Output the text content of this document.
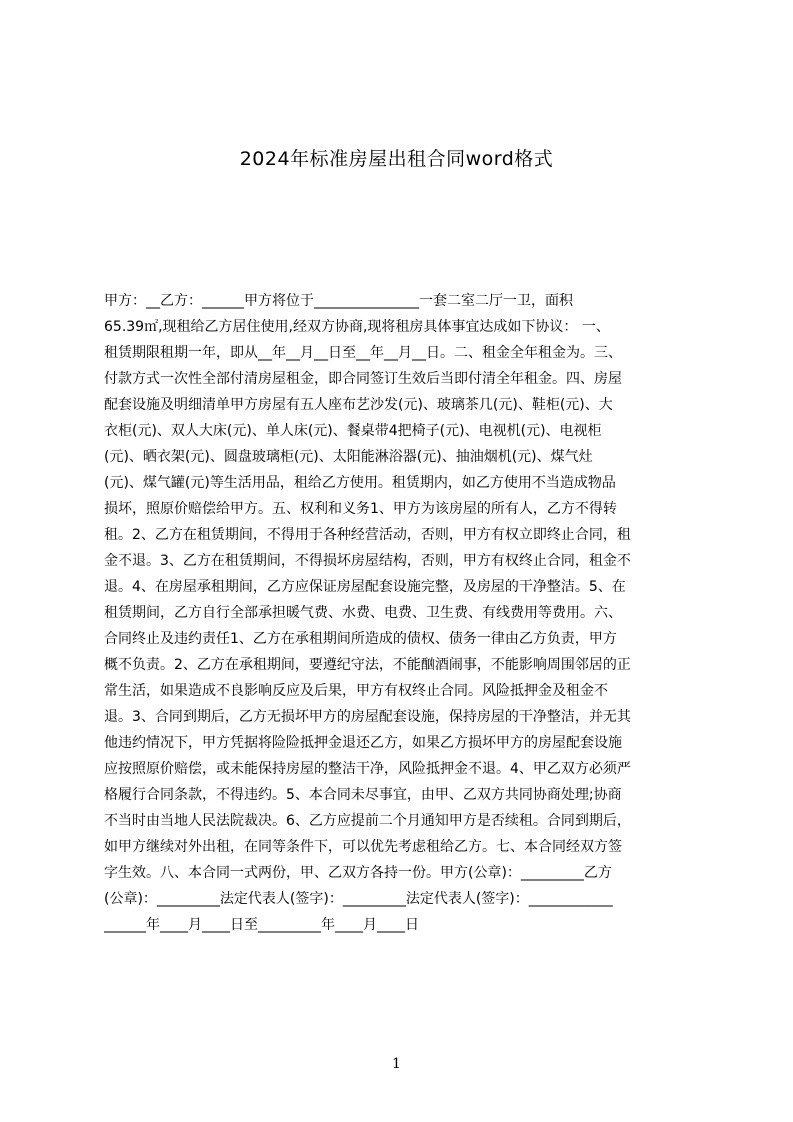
2024年标准房屋出租合同word格式
甲方：__乙方：______甲方将位于_______________一套二室二厅一卫，面积
65.39㎡,现租给乙方居住使用,经双方协商,现将租房具体事宜达成如下协议： 一、
租赁期限租期一年，即从__年__月__日至__年__月__日。二、租金全年租金为。三、
付款方式一次性全部付清房屋租金，即合同签订生效后当即付清全年租金。四、房屋
配套设施及明细清单甲方房屋有五人座布艺沙发(元)、玻璃茶几(元)、鞋柜(元)、大
衣柜(元)、双人大床(元)、单人床(元)、餐桌带4把椅子(元)、电视机(元)、电视柜
(元)、晒衣架(元)、圆盘玻璃柜(元)、太阳能淋浴器(元)、抽油烟机(元)、煤气灶
(元)、煤气罐(元)等生活用品，租给乙方使用。租赁期内，如乙方使用不当造成物品
损坏，照原价赔偿给甲方。五、权利和义务1、甲方为该房屋的所有人，乙方不得转
租。2、乙方在租赁期间，不得用于各种经营活动，否则，甲方有权立即终止合同，租
金不退。3、乙方在租赁期间，不得损坏房屋结构，否则，甲方有权终止合同，租金不
退。4、在房屋承租期间，乙方应保证房屋配套设施完整，及房屋的干净整洁。5、在
租赁期间，乙方自行全部承担暖气费、水费、电费、卫生费、有线费用等费用。六、
合同终止及违约责任1、乙方在承租期间所造成的债权、债务一律由乙方负责，甲方
概不负责。2、乙方在承租期间，要遵纪守法，不能酗酒闹事，不能影响周围邻居的正
常生活，如果造成不良影响反应及后果，甲方有权终止合同。风险抵押金及租金不
退。3、合同到期后，乙方无损坏甲方的房屋配套设施，保持房屋的干净整洁，并无其
他违约情况下，甲方凭据将险险抵押金退还乙方，如果乙方损坏甲方的房屋配套设施
应按照原价赔偿，或未能保持房屋的整洁干净，风险抵押金不退。4、甲乙双方必须严
格履行合同条款，不得违约。5、本合同未尽事宜，由甲、乙双方共同协商处理;协商
不当时由当地人民法院裁决。6、乙方应提前二个月通知甲方是否续租。合同到期后，
如甲方继续对外出租，在同等条件下，可以优先考虑租给乙方。七、本合同经双方签
字生效。八、本合同一式两份，甲、乙双方各持一份。甲方(公章)：_________乙方
(公章)：_________法定代表人(签字)：_________法定代表人(签字)：____________
______年____月____日至_________年____月____日
1
